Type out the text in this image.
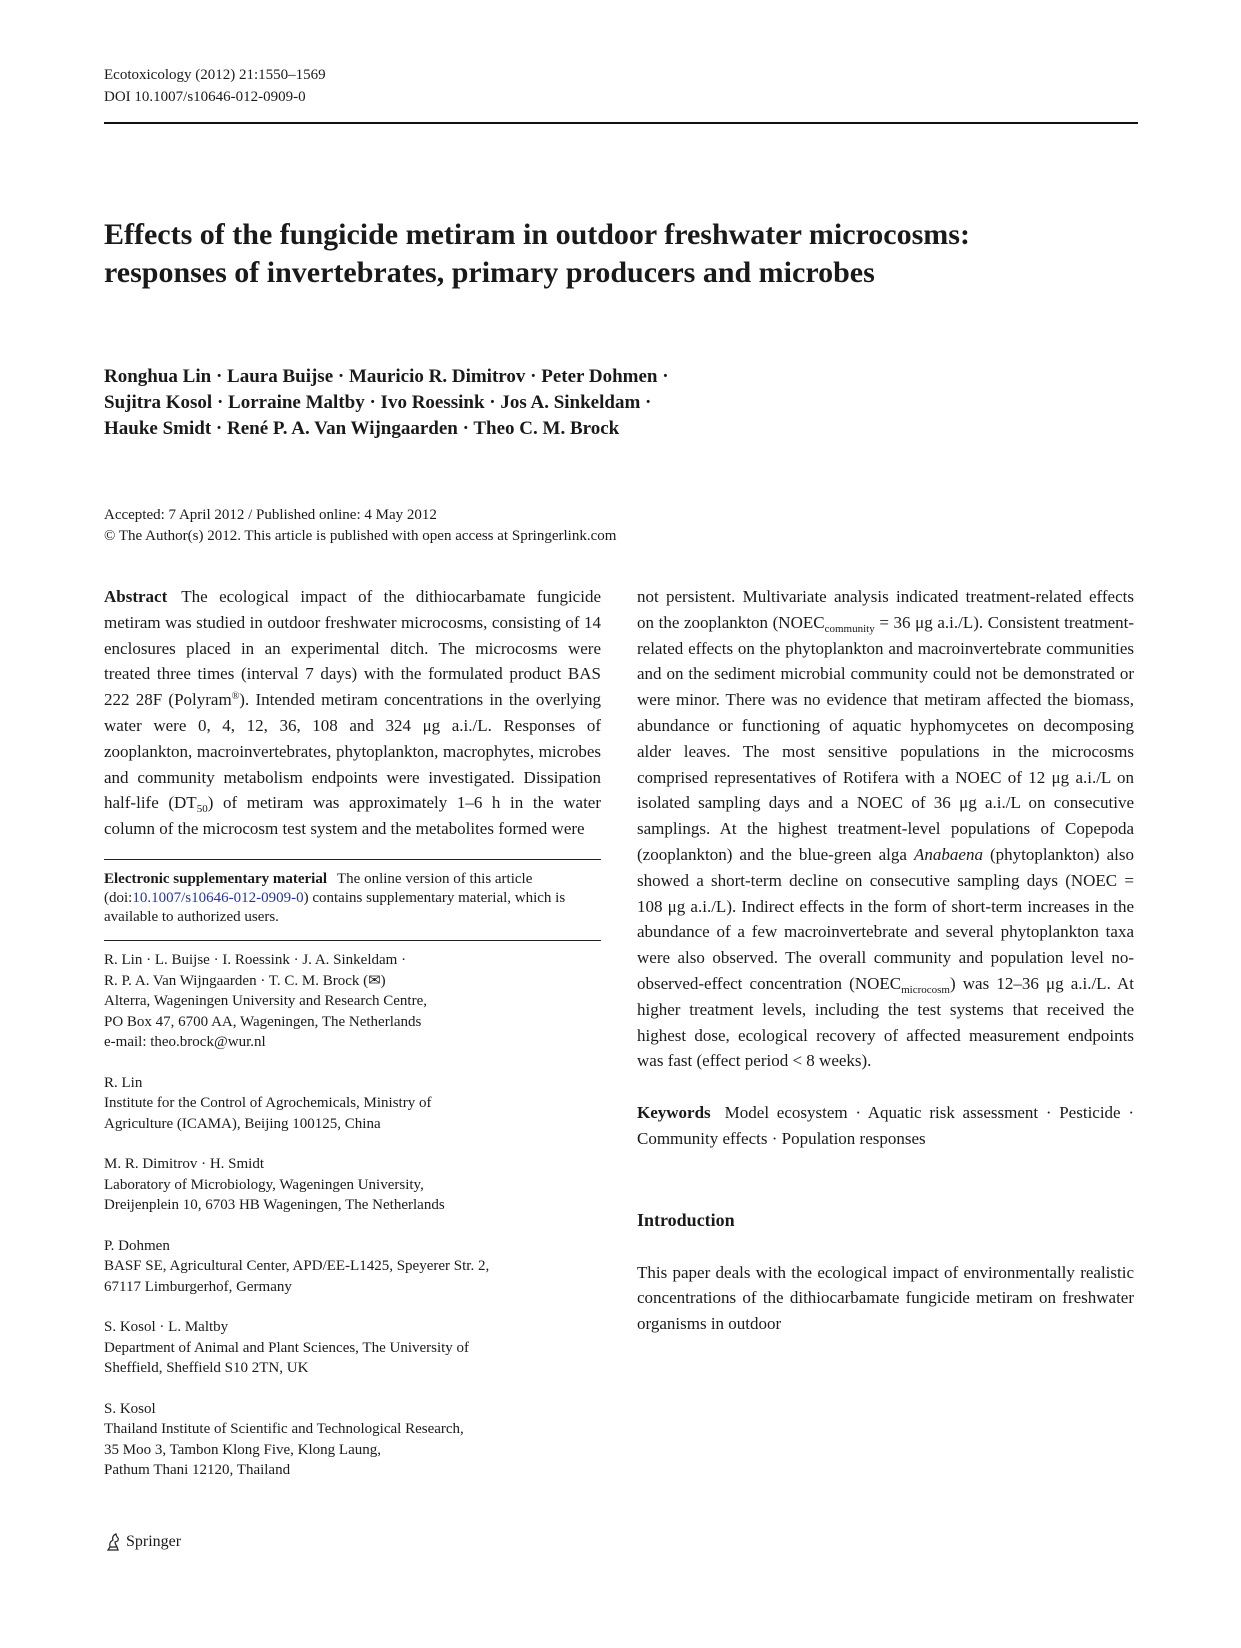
Ecotoxicology (2012) 21:1550–1569
DOI 10.1007/s10646-012-0909-0
Effects of the fungicide metiram in outdoor freshwater microcosms: responses of invertebrates, primary producers and microbes
Ronghua Lin · Laura Buijse · Mauricio R. Dimitrov · Peter Dohmen ·
Sujitra Kosol · Lorraine Maltby · Ivo Roessink · Jos A. Sinkeldam ·
Hauke Smidt · René P. A. Van Wijngaarden · Theo C. M. Brock
Accepted: 7 April 2012 / Published online: 4 May 2012
© The Author(s) 2012. This article is published with open access at Springerlink.com
Abstract The ecological impact of the dithiocarbamate fungicide metiram was studied in outdoor freshwater microcosms, consisting of 14 enclosures placed in an experimental ditch. The microcosms were treated three times (interval 7 days) with the formulated product BAS 222 28F (Polyram®). Intended metiram concentrations in the overlying water were 0, 4, 12, 36, 108 and 324 μg a.i./L. Responses of zooplankton, macroinvertebrates, phytoplankton, macrophytes, microbes and community metabolism endpoints were investigated. Dissipation half-life $(DT_{50})$ of metiram was approximately 1–6 h in the water column of the microcosm test system and the metabolites formed were
not persistent. Multivariate analysis indicated treatment-related effects on the zooplankton ($NOEC_{community} = 36$ μg a.i./L). Consistent treatment-related effects on the phytoplankton and macroinvertebrate communities and on the sediment microbial community could not be demonstrated or were minor. There was no evidence that metiram affected the biomass, abundance or functioning of aquatic hyphomycetes on decomposing alder leaves. The most sensitive populations in the microcosms comprised representatives of Rotifera with a NOEC of 12 μg a.i./L on isolated sampling days and a NOEC of 36 μg a.i./L on consecutive samplings. At the highest treatment-level populations of Copepoda (zooplankton) and the blue-green alga Anabaena (phytoplankton) also showed a short-term decline on consecutive sampling days (NOEC = 108 μg a.i./L). Indirect effects in the form of short-term increases in the abundance of a few macroinvertebrate and several phytoplankton taxa were also observed. The overall community and population level no-observed-effect concentration $(NOEC_{microcosm})$ was 12–36 μg a.i./L. At higher treatment levels, including the test systems that received the highest dose, ecological recovery of affected measurement endpoints was fast (effect period < 8 weeks).
Keywords Model ecosystem · Aquatic risk assessment · Pesticide · Community effects · Population responses
Introduction
This paper deals with the ecological impact of environmentally realistic concentrations of the dithiocarbamate fungicide metiram on freshwater organisms in outdoor
Electronic supplementary material The online version of this article (doi:10.1007/s10646-012-0909-0) contains supplementary material, which is available to authorized users.
R. Lin · L. Buijse · I. Roessink · J. A. Sinkeldam ·
R. P. A. Van Wijngaarden · T. C. M. Brock (✉)
Alterra, Wageningen University and Research Centre,
PO Box 47, 6700 AA, Wageningen, The Netherlands
e-mail: theo.brock@wur.nl
R. Lin
Institute for the Control of Agrochemicals, Ministry of
Agriculture (ICAMA), Beijing 100125, China
M. R. Dimitrov · H. Smidt
Laboratory of Microbiology, Wageningen University,
Dreijenplein 10, 6703 HB Wageningen, The Netherlands
P. Dohmen
BASF SE, Agricultural Center, APD/EE-L1425, Speyerer Str. 2,
67117 Limburgerhof, Germany
S. Kosol · L. Maltby
Department of Animal and Plant Sciences, The University of
Sheffield, Sheffield S10 2TN, UK
S. Kosol
Thailand Institute of Scientific and Technological Research,
35 Moo 3, Tambon Klong Five, Klong Laung,
Pathum Thani 12120, Thailand
Springer
